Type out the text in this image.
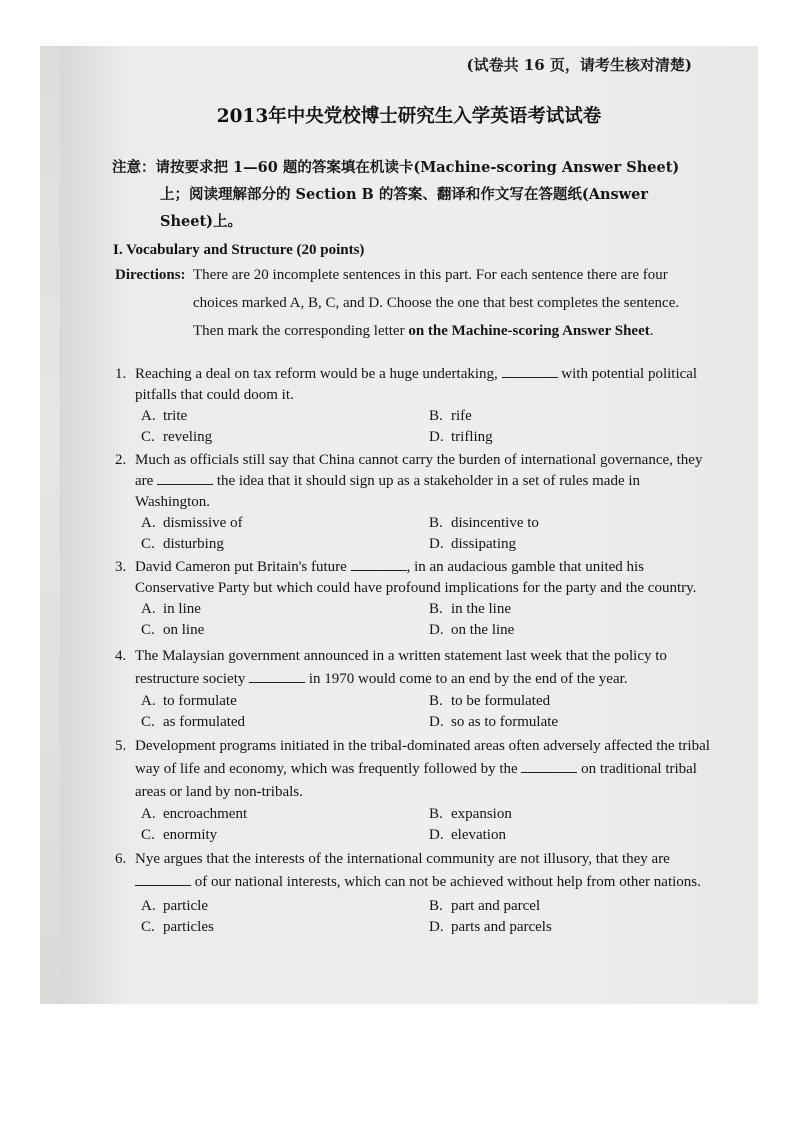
(试卷共 16 页，请考生核对清楚)
2013年中央党校博士研究生入学英语考试试卷
注意：请按要求把 1—60 题的答案填在机读卡(Machine-scoring Answer Sheet)
上；阅读理解部分的 Section B 的答案、翻译和作文写在答题纸(Answer
Sheet)上。
I. Vocabulary and Structure (20 points)
Directions: There are 20 incomplete sentences in this part. For each sentence there are four choices marked A, B, C, and D. Choose the one that best completes the sentence. Then mark the corresponding letter on the Machine-scoring Answer Sheet.
1. Reaching a deal on tax reform would be a huge undertaking,	with potential political pitfalls that could doom it.
A. trite	B. rife
C. reveling	D. trifling
2. Much as officials still say that China cannot carry the burden of international governance, they are	the idea that it should sign up as a stakeholder in a set of rules made in Washington.
A. dismissive of	B. disincentive to
C. disturbing	D. dissipating
3. David Cameron put Britain's future	, in an audacious gamble that united his Conservative Party but which could have profound implications for the party and the country.
A. in line	B. in the line
C. on line	D. on the line
4. The Malaysian government announced in a written statement last week that the policy to restructure society	in 1970 would come to an end by the end of the year.
A. to formulate	B. to be formulated
C. as formulated	D. so as to formulate
5. Development programs initiated in the tribal-dominated areas often adversely affected the tribal way of life and economy, which was frequently followed by the	on traditional tribal areas or land by non-tribals.
A. encroachment	B. expansion
C. enormity	D. elevation
6. Nye argues that the interests of the international community are not illusory, that they are  of our national interests, which can not be achieved without help from other nations.
A. particle	B. part and parcel
C. particles	D. parts and parcels
